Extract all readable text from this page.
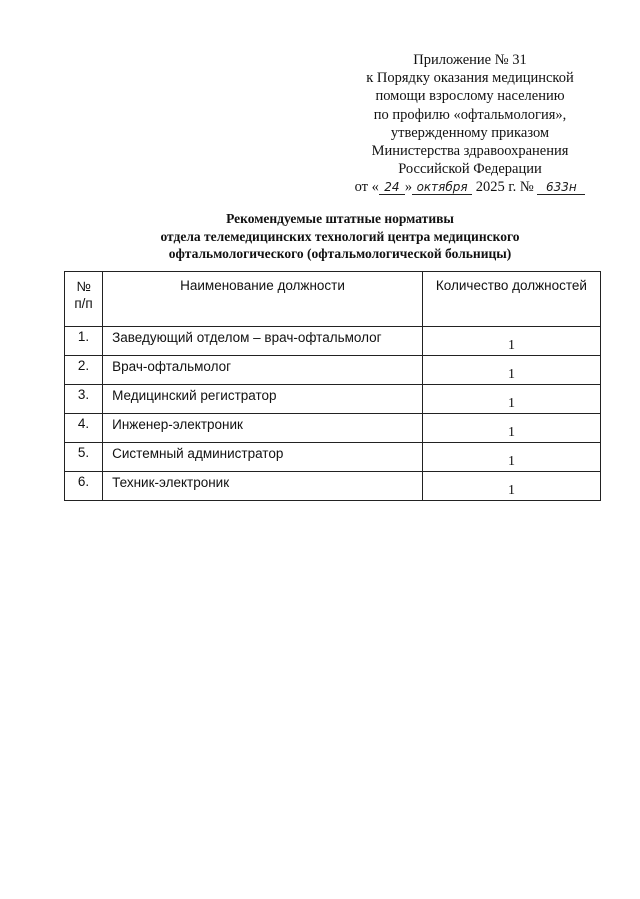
Приложение № 31
к Порядку оказания медицинской
помощи взрослому населению
по профилю «офтальмология»,
утвержденному приказом
Министерства здравоохранения
Российской Федерации
от « 24 » октября 2025 г. № 633н
Рекомендуемые штатные нормативы
отдела телемедицинских технологий центра медицинского
офтальмологического (офтальмологической больницы)
№
п/п	Наименование должности	Количество должностей
1.	Заведующий отделом – врач-офтальмолог	1
2.	Врач-офтальмолог	1
3.	Медицинский регистратор	1
4.	Инженер-электроник	1
5.	Системный администратор	1
6.	Техник-электроник	1
